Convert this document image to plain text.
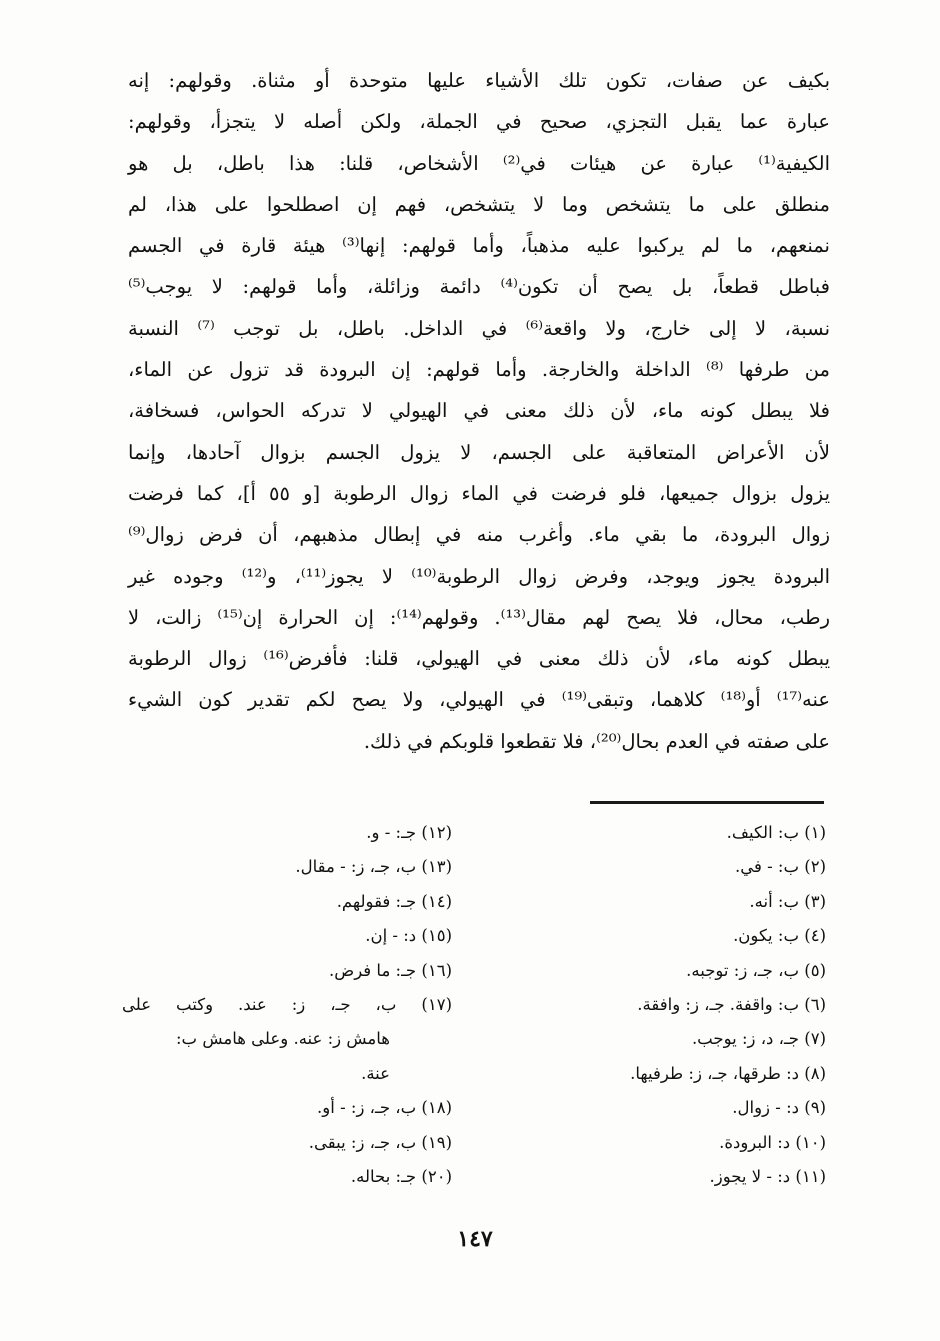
بكيف عن صفات، تكون تلك الأشياء عليها متوحدة أو مثناة. وقولهم: إنه
عبارة عما يقبل التجزي، صحيح في الجملة، ولكن أصله لا يتجزأ، وقولهم:
الكيفية⁽¹⁾ عبارة عن هيئات في⁽²⁾ الأشخاص، قلنا: هذا باطل، بل هو
منطلق على ما يتشخص وما لا يتشخص، فهم إن اصطلحوا على هذا، لم
نمنعهم، ما لم يركبوا عليه مذهباً، وأما قولهم: إنها⁽³⁾ هيئة قارة في الجسم
فباطل قطعاً، بل يصح أن تكون⁽⁴⁾ دائمة وزائلة، وأما قولهم: لا يوجب⁽⁵⁾
نسبة، لا إلى خارج، ولا واقعة⁽⁶⁾ في الداخل. باطل، بل توجب ⁽⁷⁾ النسبة
من طرفها ⁽⁸⁾ الداخلة والخارجة. وأما قولهم: إن البرودة قد تزول عن الماء،
فلا يبطل كونه ماء، لأن ذلك معنى في الهيولي لا تدركه الحواس، فسخافة،
لأن الأعراض المتعاقبة على الجسم، لا يزول الجسم بزوال آحادها، وإنما
يزول بزوال جميعها، فلو فرضت في الماء زوال الرطوبة [و ٥٥ أ]، كما فرضت
زوال البرودة، ما بقي ماء. وأغرب منه في إبطال مذهبهم، أن فرض زوال⁽⁹⁾
البرودة يجوز ويوجد، وفرض زوال الرطوبة⁽¹⁰⁾ لا يجوز⁽¹¹⁾، و⁽¹²⁾ وجوده غير
رطب، محال، فلا يصح لهم مقال⁽¹³⁾. وقولهم⁽¹⁴⁾: إن الحرارة إن⁽¹⁵⁾ زالت، لا
يبطل كونه ماء، لأن ذلك معنى في الهيولي، قلنا: فأفرض⁽¹⁶⁾ زوال الرطوبة
عنه⁽¹⁷⁾ أو⁽¹⁸⁾ كلاهما، وتبقى⁽¹⁹⁾ في الهيولي، ولا يصح لكم تقدير كون الشيء
على صفته في العدم بحال⁽²⁰⁾، فلا تقطعوا قلوبكم في ذلك.
(١) ب: الكيف.
(٢) ب: - في.
(٣) ب: أنه.
(٤) ب: يكون.
(٥) ب، جـ، ز: توجبه.
(٦) ب: واقفة. جـ، ز: وافقة.
(٧) جـ، د، ز: يوجب.
(٨) د: طرقها، جـ، ز: طرفيها.
(٩) د: - زوال.
(١٠) د: البرودة.
(١١) د: - لا يجوز.
(١٢) جـ: - و.
(١٣) ب، جـ، ز: - مقال.
(١٤) جـ: فقولهم.
(١٥) د: - إن.
(١٦) جـ: ما فرض.
(١٧) ب، جـ، ز: عند. وكتب على
هامش ز: عنه. وعلى هامش ب:
عنة.
(١٨) ب، جـ، ز: - أو.
(١٩) ب، جـ، ز: يبقى.
(٢٠) جـ: بحاله.
١٤٧
